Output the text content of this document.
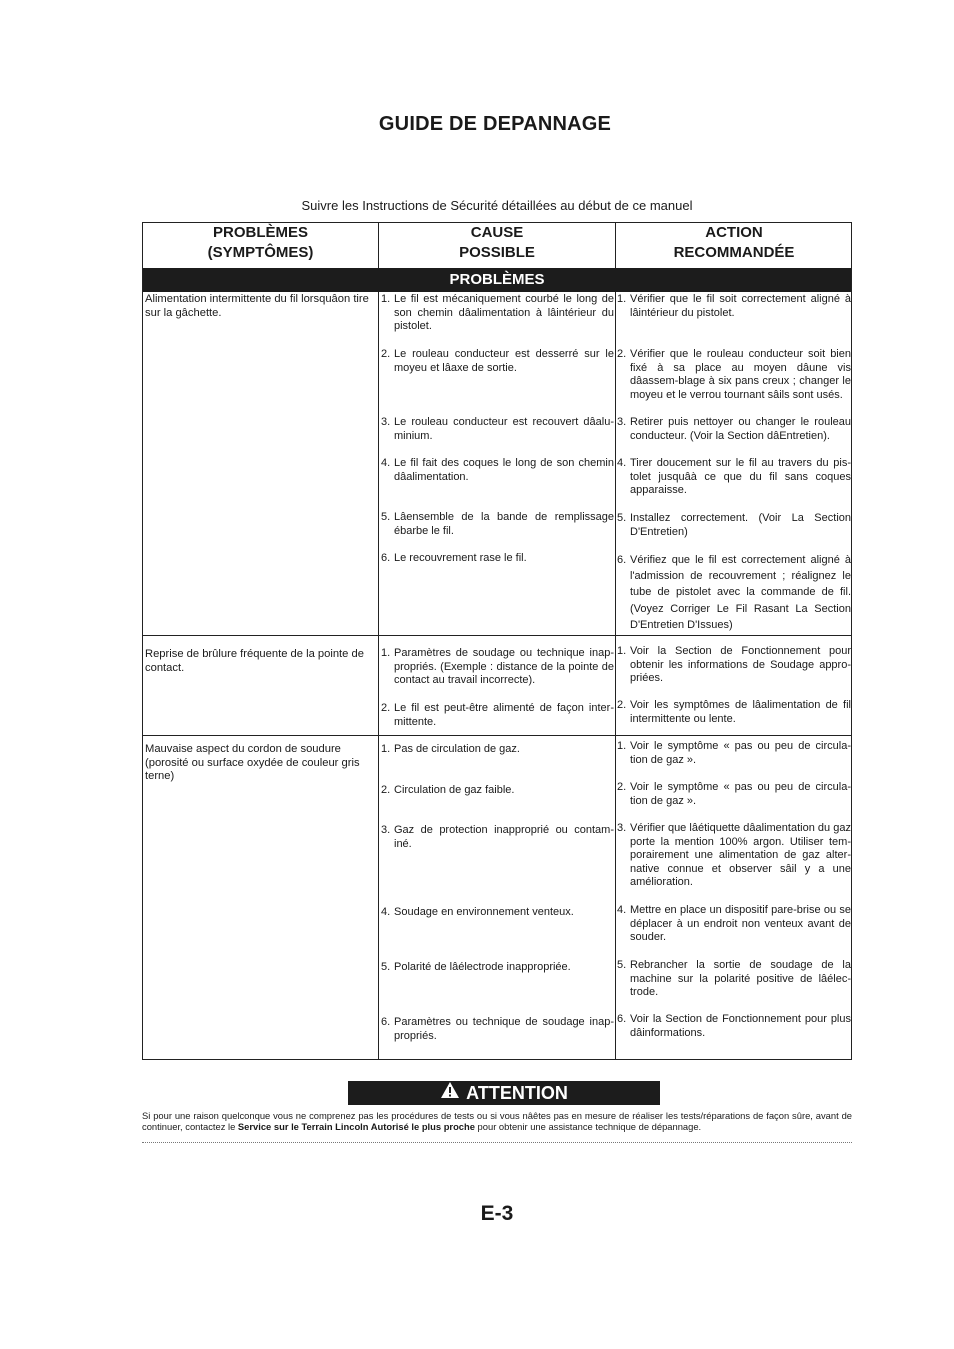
GUIDE DE DEPANNAGE
Suivre les Instructions de Sécurité détaillées au début de ce manuel
PROBLÈMES
(SYMPTÔMES)
CAUSE
POSSIBLE
ACTION
RECOMMANDÉE
PROBLÈMES
Alimentation intermittente du fil lorsquâon tire sur la gâchette.
1. Le fil est mécaniquement courbé le long de son chemin dâalimentation à lâintérieur du pistolet.
2. Le rouleau conducteur est desserré sur le moyeu et lâaxe de sortie.
3. Le rouleau conducteur est recouvert dâalu-minium.
4. Le fil fait des coques le long de son chemin dâalimentation.
5. Lâensemble de la bande de remplissage ébarbe le fil.
6. Le recouvrement rase le fil.
1. Vérifier que le fil soit correctement aligné à lâintérieur du pistolet.
2. Vérifier que le rouleau conducteur soit bien fixé à sa place au moyen dâune vis dâassem-blage à six pans creux ; changer le moyeu et le verrou tournant sâils sont usés.
3. Retirer puis nettoyer ou changer le rouleau conducteur. (Voir la Section dâEntretien).
4. Tirer doucement sur le fil au travers du pis-tolet jusquâà ce que du fil sans coques apparaisse.
5. Installez correctement. (Voir La Section D'Entretien)
6. Vérifiez que le fil est correctement aligné à l'admission de recouvrement ; réalignez le tube de pistolet avec la commande de fil. (Voyez Corriger Le Fil Rasant La Section D'Entretien D'Issues)
Reprise de brûlure fréquente de la pointe de contact.
1. Paramètres de soudage ou technique inap-propriés. (Exemple : distance de la pointe de contact au travail incorrecte).
2. Le fil est peut-être alimenté de façon inter-mittente.
1. Voir la Section de Fonctionnement pour obtenir les informations de Soudage appro-priées.
2. Voir les symptômes de lâalimentation de fil intermittente ou lente.
Mauvaise aspect du cordon de soudure (porosité ou surface oxydée de couleur gris terne)
1. Pas de circulation de gaz.
2. Circulation de gaz faible.
3. Gaz de protection inapproprié ou contam-iné.
4. Soudage en environnement venteux.
5. Polarité de lâélectrode inappropriée.
6. Paramètres ou technique de soudage inap-propriés.
1. Voir le symptôme « pas ou peu de circula-tion de gaz ».
2. Voir le symptôme « pas ou peu de circula-tion de gaz ».
3. Vérifier que lâétiquette dâalimentation du gaz porte la mention 100% argon. Utiliser tem-porairement une alimentation de gaz alter-native connue et observer sâil y a une amélioration.
4. Mettre en place un dispositif pare-brise ou se déplacer à un endroit non venteux avant de souder.
5. Rebrancher la sortie de soudage de la machine sur la polarité positive de lâélec-trode.
6. Voir la Section de Fonctionnement pour plus dâinformations.
ATTENTION
Si pour une raison quelconque vous ne comprenez pas les procédures de tests ou si vous nâêtes pas en mesure de réaliser les tests/réparations de façon sûre, avant de continuer, contactez le Service sur le Terrain Lincoln Autorisé le plus proche pour obtenir une assistance technique de dépannage.
E-3
